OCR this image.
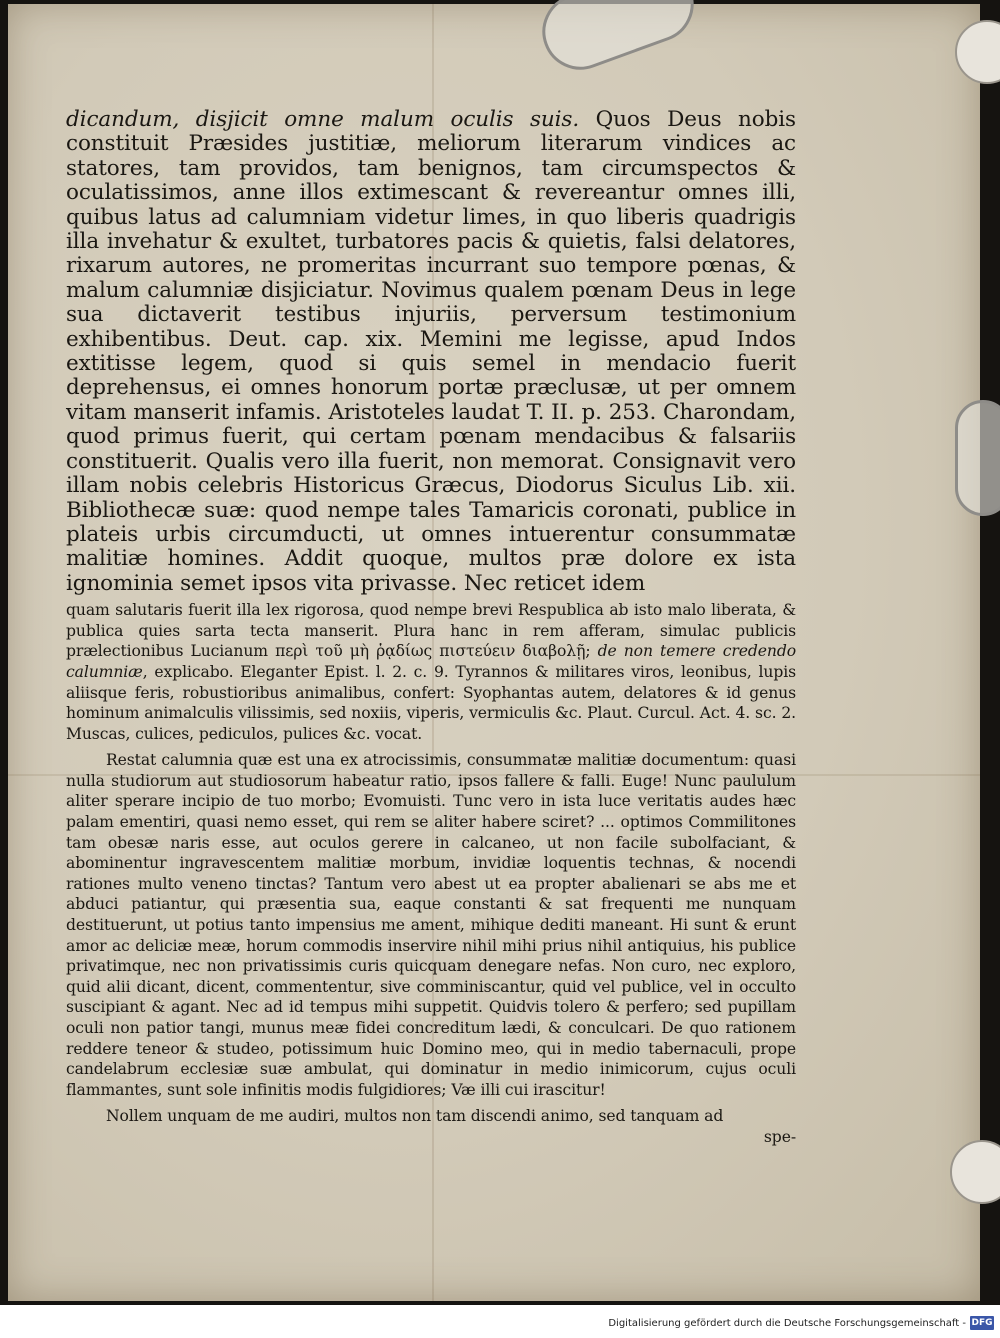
dicandum, disjicit omne malum oculis suis. Quos Deus nobis constituit Præsides justitiæ, meliorum literarum vindices ac statores, tam providos, tam benignos, tam circumspectos & oculatissimos, anne illos extimescant & revereantur omnes illi, quibus latus ad calumniam videtur limes, in quo liberis quadrigis illa invehatur & exultet, turbatores pacis & quietis, falsi delatores, rixarum autores, ne promeritas incurrant suo tempore pœnas, & malum calumniæ disjiciatur. Novimus qualem pœnam Deus in lege sua dictaverit testibus injuriis, perversum testimonium exhibentibus. Deut. cap. xix. Memini me legisse, apud Indos extitisse legem, quod si quis semel in mendacio fuerit deprehensus, ei omnes honorum portæ præclusæ, ut per omnem vitam manserit infamis. Aristoteles laudat T. II. p. 253. Charondam, quod primus fuerit, qui certam pœnam mendacibus & falsariis constituerit. Qualis vero illa fuerit, non memorat. Consignavit vero illam nobis celebris Historicus Græcus, Diodorus Siculus Lib. xii. Bibliothecæ suæ: quod nempe tales Tamaricis coronati, publice in plateis urbis circumducti, ut omnes intuerentur consummatæ malitiæ homines. Addit quoque, multos præ dolore ex ista ignominia semet ipsos vita privasse. Nec reticet idem

quam salutaris fuerit illa lex rigorosa, quod nempe brevi Respublica ab isto malo liberata, & publica quies sarta tecta manserit. Plura hanc in rem afferam, simulac publicis prælectionibus Lucianum περὶ τοῦ μὴ ῥᾳδίως πιστεύειν διαβολῇ; de non temere credendo calumniæ, explicabo. Eleganter Epist. l. 2. c. 9. Tyrannos & militares viros, leonibus, lupis aliisque feris, robustioribus animalibus, confert: Syophantas autem, delatores & id genus hominum animalculis vilissimis, sed noxiis, viperis, vermiculis &c. Plaut. Curcul. Act. 4. sc. 2. Muscas, culices, pediculos, pulices &c. vocat.

Restat calumnia quæ est una ex atrocissimis, consummatæ malitiæ documentum: quasi nulla studiorum aut studiosorum habeatur ratio, ipsos fallere & falli. Euge! Nunc paululum aliter sperare incipio de tuo morbo; Evomuisti. Tunc vero in ista luce veritatis audes hæc palam ementiri, quasi nemo esset, qui rem se aliter habere sciret? ... optimos Commilitones tam obesæ naris esse, aut oculos gerere in calcaneo, ut non facile subolfaciant, & abominentur ingravescentem malitiæ morbum, invidiæ loquentis technas, & nocendi rationes multo veneno tinctas? Tantum vero abest ut ea propter abalienari se abs me et abduci patiantur, qui præsentia sua, eaque constanti & sat frequenti me nunquam destituerunt, ut potius tanto impensius me ament, mihique dediti maneant. Hi sunt & erunt amor ac deliciæ meæ, horum commodis inservire nihil mihi prius nihil antiquius, his publice privatimque, nec non privatissimis curis quicquam denegare nefas. Non curo, nec exploro, quid alii dicant, dicent, commententur, sive comminiscantur, quid vel publice, vel in occulto suscipiant & agant. Nec ad id tempus mihi suppetit. Quidvis tolero & perfero; sed pupillam oculi non patior tangi, munus meæ fidei concreditum lædi, & conculcari. De quo rationem reddere teneor & studeo, potissimum huic Domino meo, qui in medio tabernaculi, prope candelabrum ecclesiæ suæ ambulat, qui dominatur in medio inimicorum, cujus oculi flammantes, sunt sole infinitis modis fulgidiores; Væ illi cui irascitur!

Nollem unquam de me audiri, multos non tam discendi animo, sed tanquam ad

spe-

Digitalisierung gefördert durch die Deutsche Forschungsgemeinschaft - DFG
